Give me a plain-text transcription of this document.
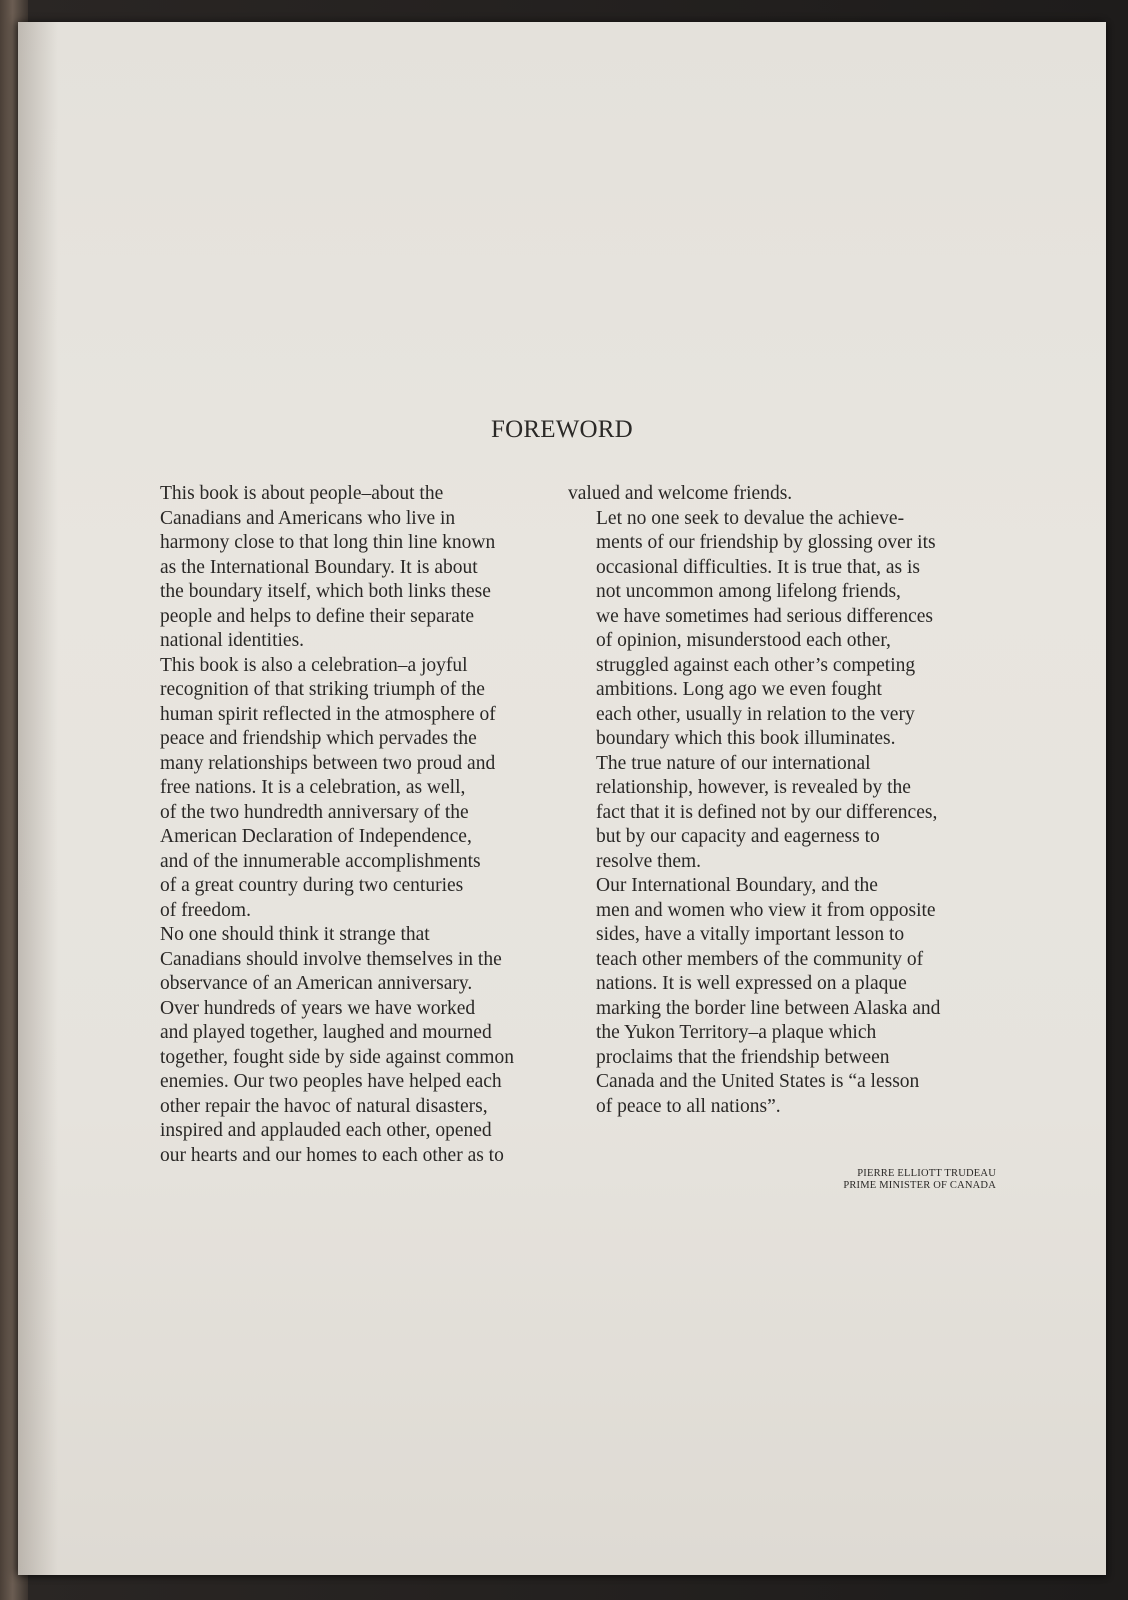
FOREWORD

This book is about people–about the
Canadians and Americans who live in
harmony close to that long thin line known
as the International Boundary. It is about
the boundary itself, which both links these
people and helps to define their separate
national identities.

This book is also a celebration–a joyful
recognition of that striking triumph of the
human spirit reflected in the atmosphere of
peace and friendship which pervades the
many relationships between two proud and
free nations. It is a celebration, as well,
of the two hundredth anniversary of the
American Declaration of Independence,
and of the innumerable accomplishments
of a great country during two centuries
of freedom.

No one should think it strange that
Canadians should involve themselves in the
observance of an American anniversary.
Over hundreds of years we have worked
and played together, laughed and mourned
together, fought side by side against common
enemies. Our two peoples have helped each
other repair the havoc of natural disasters,
inspired and applauded each other, opened
our hearts and our homes to each other as to

valued and welcome friends.

Let no one seek to devalue the achieve-
ments of our friendship by glossing over its
occasional difficulties. It is true that, as is
not uncommon among lifelong friends,
we have sometimes had serious differences
of opinion, misunderstood each other,
struggled against each other’s competing
ambitions. Long ago we even fought
each other, usually in relation to the very
boundary which this book illuminates.

The true nature of our international
relationship, however, is revealed by the
fact that it is defined not by our differences,
but by our capacity and eagerness to
resolve them.

Our International Boundary, and the
men and women who view it from opposite
sides, have a vitally important lesson to
teach other members of the community of
nations. It is well expressed on a plaque
marking the border line between Alaska and
the Yukon Territory–a plaque which
proclaims that the friendship between
Canada and the United States is “a lesson
of peace to all nations”.

PIERRE ELLIOTT TRUDEAU
PRIME MINISTER OF CANADA
